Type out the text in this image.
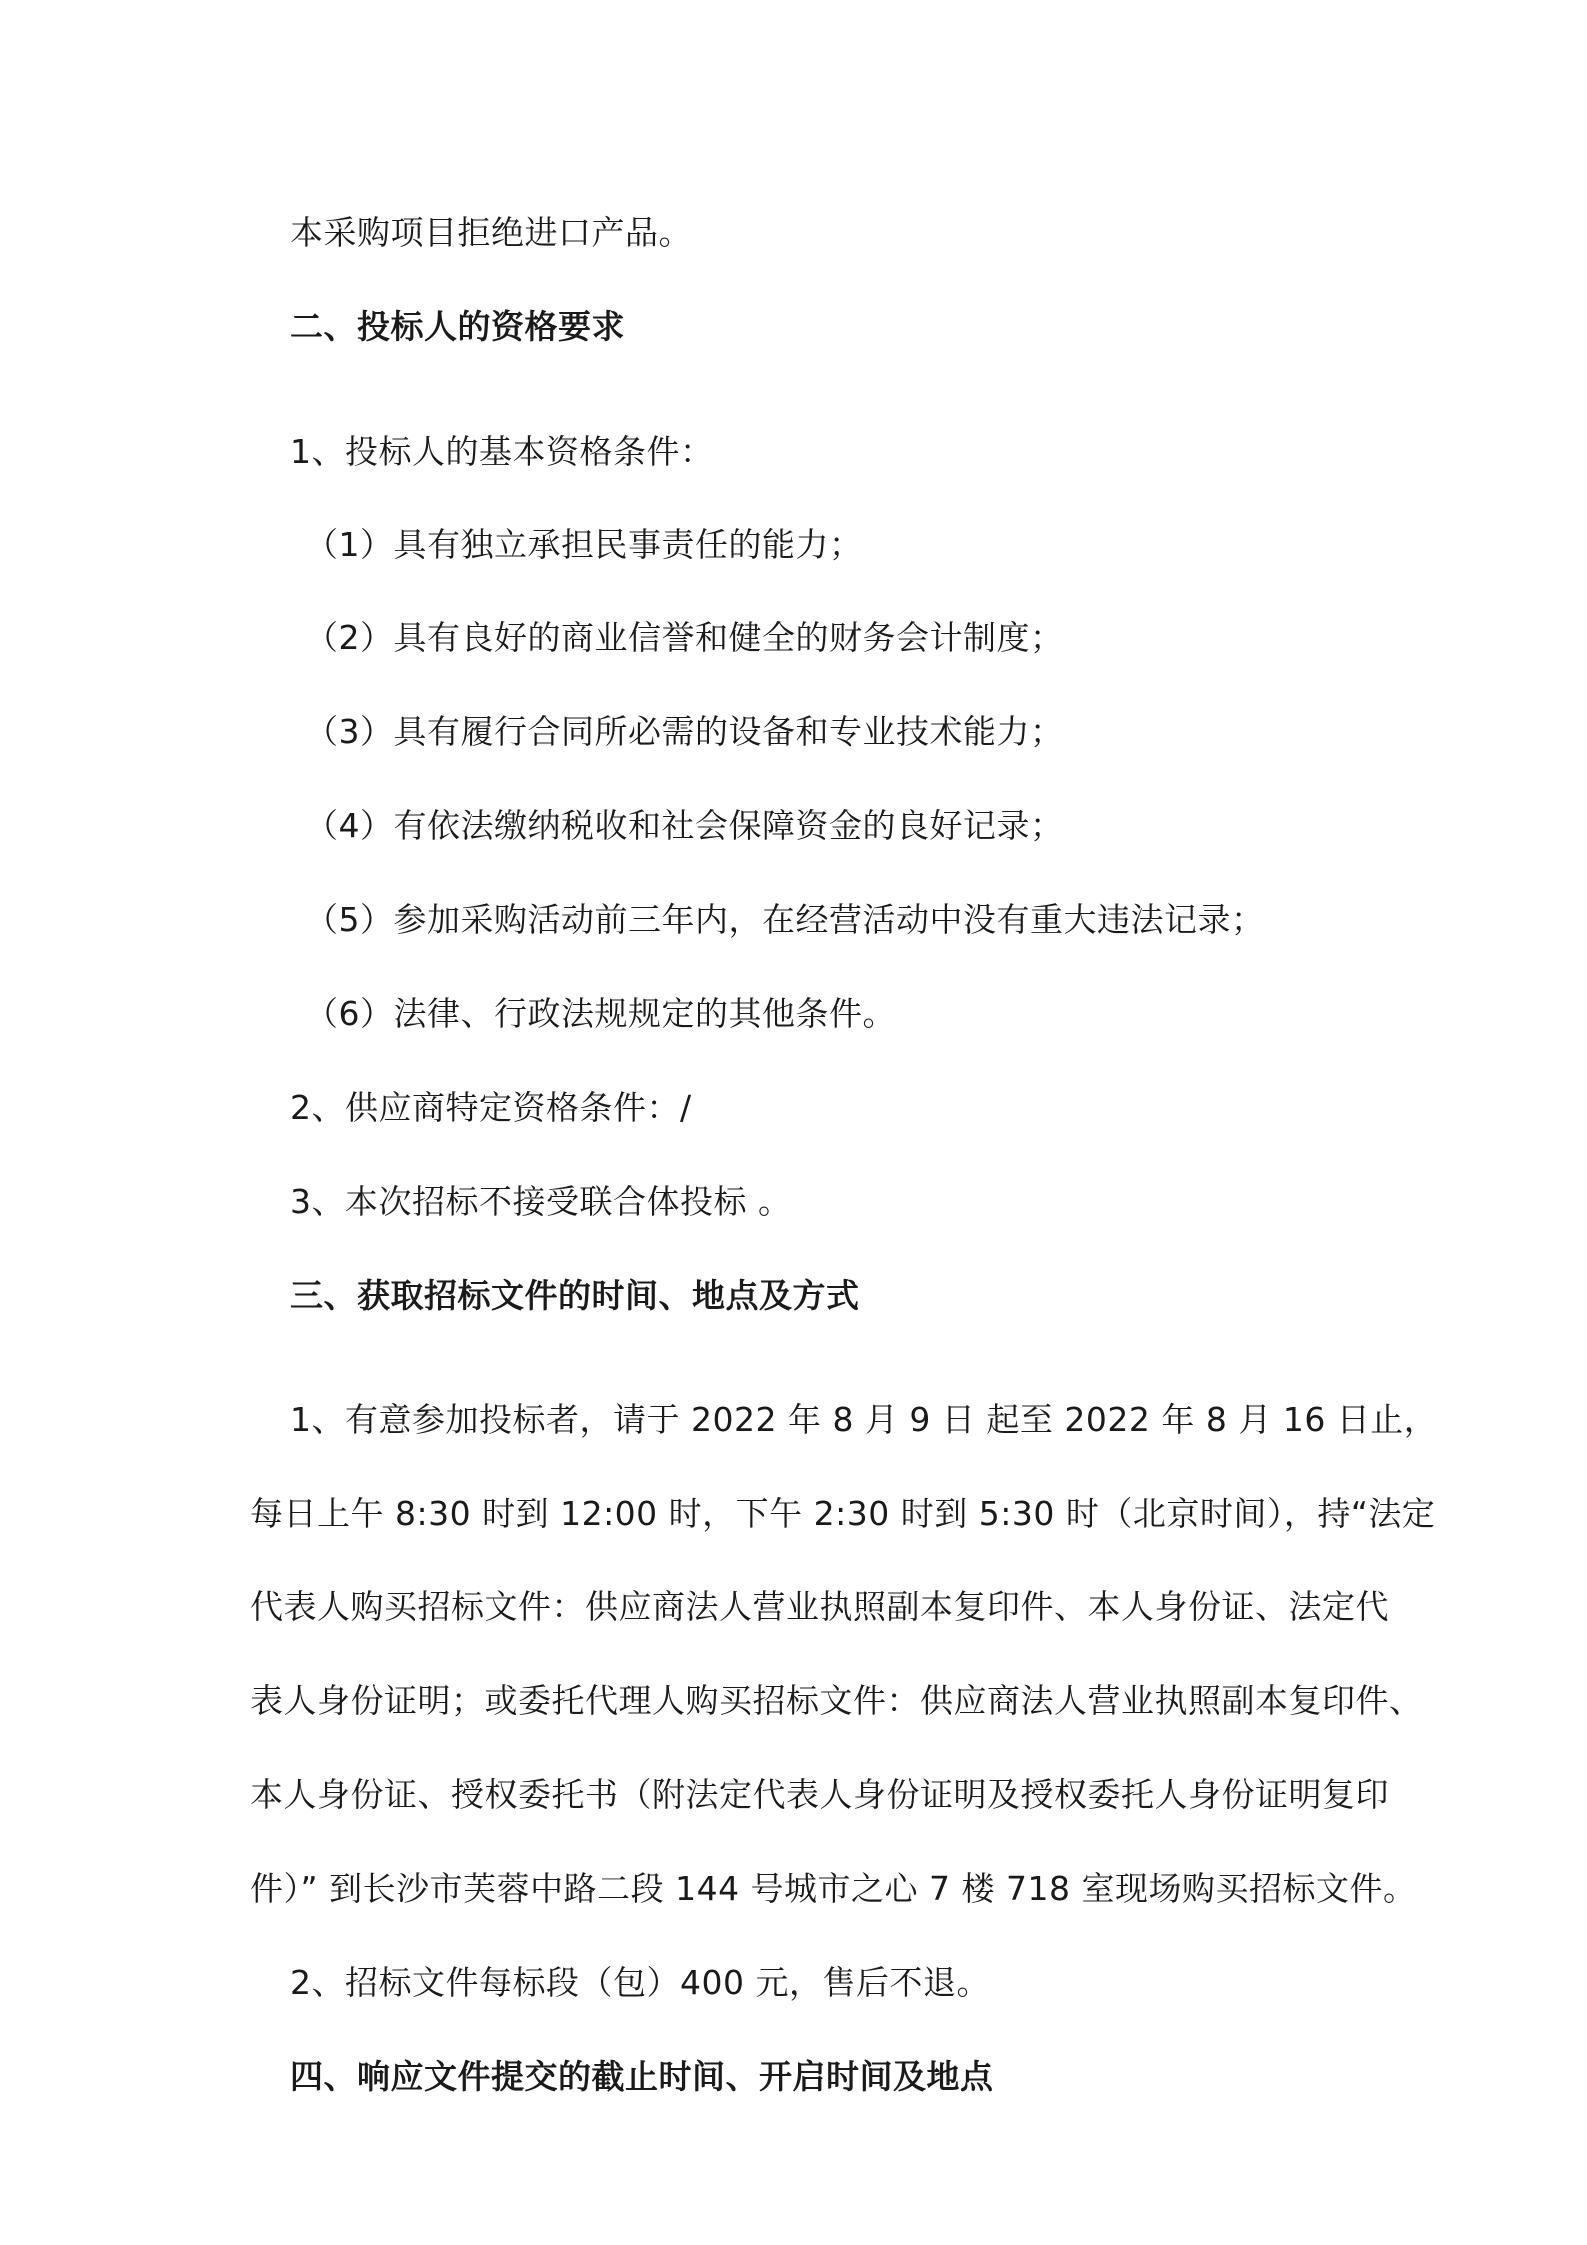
本采购项目拒绝进口产品。
二、投标人的资格要求
1、投标人的基本资格条件：
（1）具有独立承担民事责任的能力；
（2）具有良好的商业信誉和健全的财务会计制度；
（3）具有履行合同所必需的设备和专业技术能力；
（4）有依法缴纳税收和社会保障资金的良好记录；
（5）参加采购活动前三年内，在经营活动中没有重大违法记录；
（6）法律、行政法规规定的其他条件。
2、供应商特定资格条件：/
3、本次招标不接受联合体投标 。
三、获取招标文件的时间、地点及方式
1、有意参加投标者，请于 2022 年 8 月 9 日 起至 2022 年 8 月 16 日止，
每日上午 8:30 时到 12:00 时，下午 2:30 时到 5:30 时（北京时间），持“法定
代表人购买招标文件：供应商法人营业执照副本复印件、本人身份证、法定代
表人身份证明；或委托代理人购买招标文件：供应商法人营业执照副本复印件、
本人身份证、授权委托书（附法定代表人身份证明及授权委托人身份证明复印
件）” 到长沙市芙蓉中路二段 144 号城市之心 7 楼 718 室现场购买招标文件。
2、招标文件每标段（包）400 元，售后不退。
四、响应文件提交的截止时间、开启时间及地点
